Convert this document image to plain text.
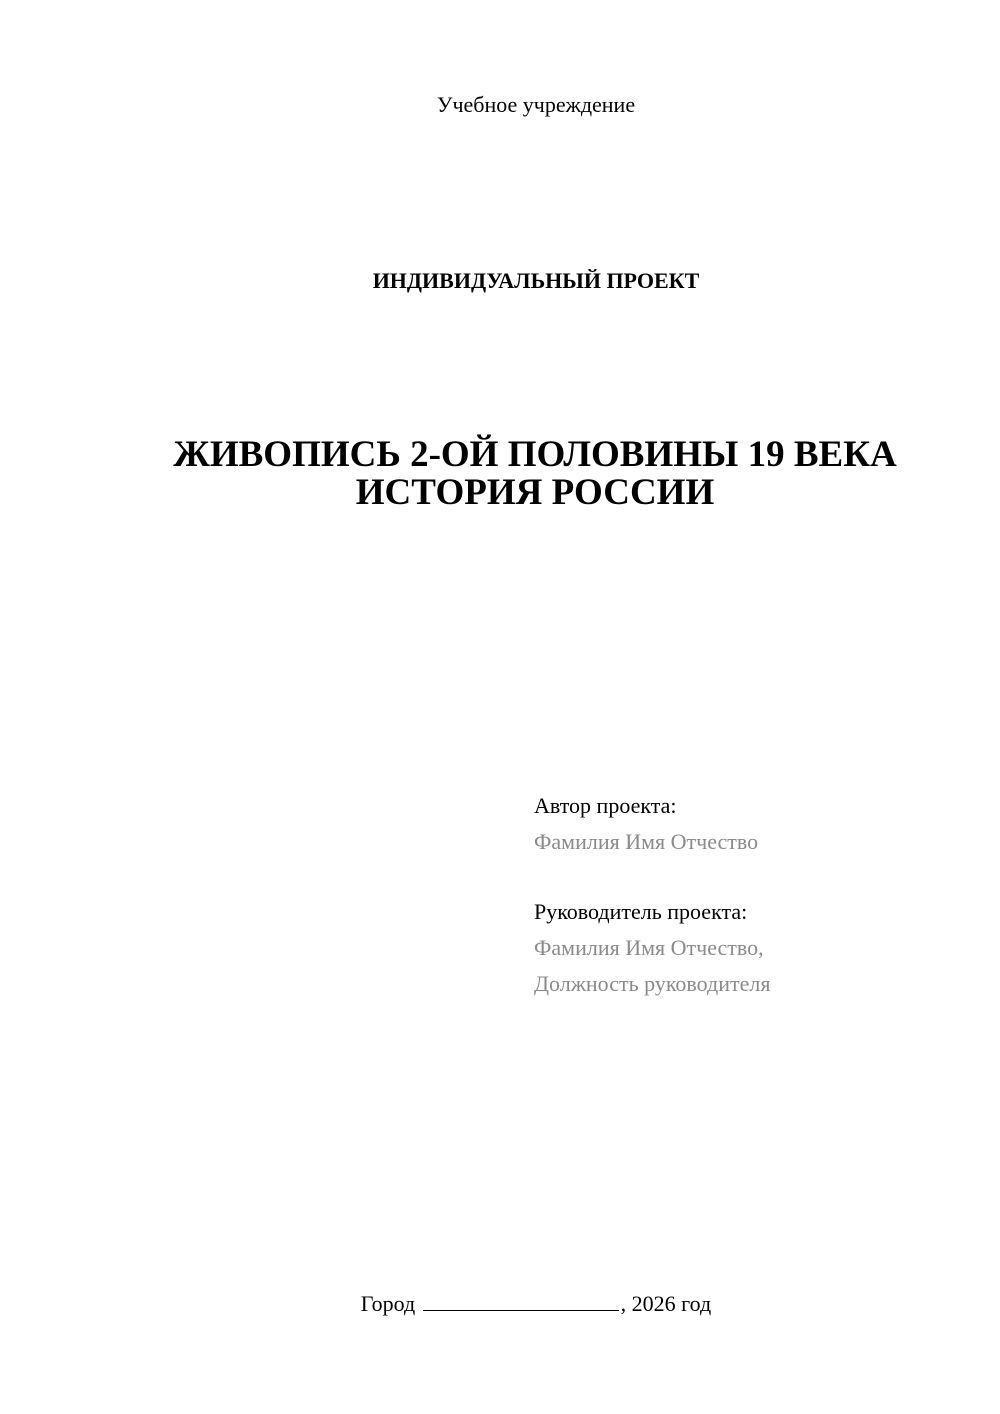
Учебное учреждение
ИНДИВИДУАЛЬНЫЙ ПРОЕКТ
ЖИВОПИСЬ 2-ОЙ ПОЛОВИНЫ 19 ВЕКА
ИСТОРИЯ РОССИИ
Автор проекта:
Фамилия Имя Отчество
Руководитель проекта:
Фамилия Имя Отчество,
Должность руководителя
Город	, 2026 год
